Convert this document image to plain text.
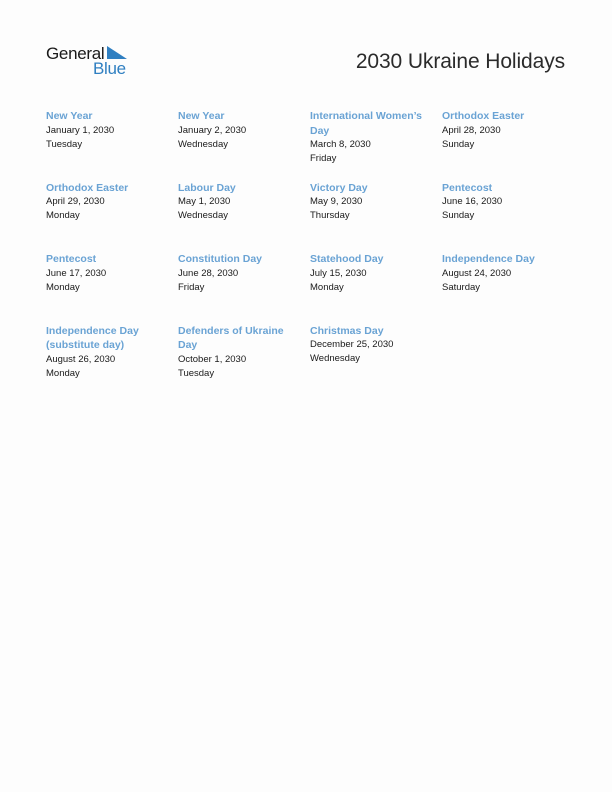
General
Blue	2030 Ukraine Holidays
New Year
January 1, 2030
Tuesday
New Year
January 2, 2030
Wednesday
International Women’s Day
March 8, 2030
Friday
Orthodox Easter
April 28, 2030
Sunday
Orthodox Easter
April 29, 2030
Monday
Labour Day
May 1, 2030
Wednesday
Victory Day
May 9, 2030
Thursday
Pentecost
June 16, 2030
Sunday
Pentecost
June 17, 2030
Monday
Constitution Day
June 28, 2030
Friday
Statehood Day
July 15, 2030
Monday
Independence Day
August 24, 2030
Saturday
Independence Day (substitute day)
August 26, 2030
Monday
Defenders of Ukraine Day
October 1, 2030
Tuesday
Christmas Day
December 25, 2030
Wednesday
